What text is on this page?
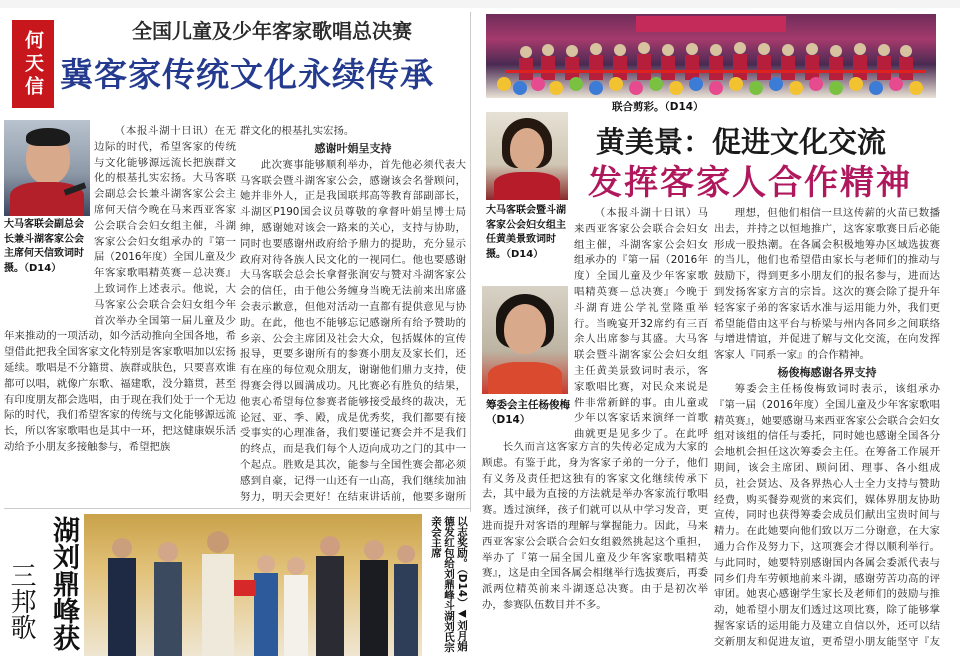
何天信	全国儿童及少年客家歌唱总决赛
冀客家传统文化永续传承
大马客联会副总会长兼斗湖客家公会主席何天信致词时摄。（D14）

（本报斗湖十日讯）在无边际的时代，希望客家的传统与文化能够源远流长把族群文化的根基扎实宏扬。大马客联会副总会长兼斗湖客家公会主席何天信今晚在马来西亚客家公会联合会妇女组主催，斗湖客家公会妇女组承办的『第一届（2016年度）全国儿童及少年客家歌唱精英赛－总决赛』上致词作上述表示。他说，大马客家公会联合会妇女组今年首次举办全国第一届儿童及少

年来推动的一项活动，如今活动推向全国各地，希望借此把我全国客家文化特别是客家歌唱加以宏扬延续。歌唱是不分籍贯、族群或肤色，只要喜欢谁都可以唱，就像广东歌、福建歌，没分籍贯，甚至有印度朋友都会选唱，由于现在我们处于一个无边际的时代，我们希望客家的传统与文化能够源远流长，所以客家歌唱也是其中一环，把这健康娱乐活动给予小朋友多接触参与，希望把族

群文化的根基扎实宏扬。
感谢叶娟呈支持

此次赛事能够顺利举办，首先他必须代表大马客联会暨斗湖客家公会，感谢该会名誉顾问，她并非外人，正是我国联邦高等教育部副部长，斗湖区P190国会议员尊敬的拿督叶娟呈博士局绅，感谢她对该会一路来的关心，支持与协助，同时也要感谢州政府给予鼎力的提助，充分显示政府对待各族人民文化的一视同仁。他也要感谢大马客联会总会长拿督张润安与赞对斗湖客家公会的信任，由于他公务缠身当晚无法前来出席盛会表示歉意，但他对活动一直都有提供意见与协助。在此，他也不能够忘记感谢所有给予赞助的乡亲、公会主席团及社会大众，包括媒体的宣传报导，更要多谢所有的参赛小朋友及家长们，还有在座的每位观众朋友，谢谢他们鼎力支持，使得赛会得以圆满成功。凡比赛必有胜负的结果，他衷心希望每位参赛者能够接受最终的裁决，无论冠、亚、季、殿，成是优秀奖，我们都要有接受事实的心理准备，我们要谨记赛会并不是我们的终点，而是我们每个人迈向成功之门的其中一个起点。胜败是其次，能参与全国性赛会都必须感到自豪，记得一山还有一山高，我们继续加油努力，明天会更好！在结束讲话前，他要多谢所

联合剪彩。（D14）
黄美景：促进文化交流
发挥客家人合作精神
大马客联会暨斗湖客家公会妇女组主任黄美景致词时摄。（D14）
筹委会主任杨俊梅（D14）

（本报斗湖十日讯）马来西亚客家公会联合会妇女组主催，斗湖客家公会妇女组承办的『第一届（2016年度）全国儿童及少年客家歌唱精英赛－总决赛』今晚于斗湖育进公学礼堂隆重举行。当晚宴开32席约有三百余人出席参与其盛。大马客联会暨斗湖客家公会妇女组主任黄美景致词时表示，客家歌唱比赛，对民众来说是件非常新鲜的事。由儿童或少年以客家话来演绎一首歌曲就更是见多少了。在此呼

长久而言这客家方言的失传必定成为大家的顾虑。有鉴于此，身为客家子弟的一分子，他们有义务及责任把这独有的客家文化继续传承下去，其中最为直接的方法就是举办客家流行歌唱赛。透过演绎，孩子们就可以从中学习发音，更进而提升对客语的理解与掌握能力。因此，马来西亚客家公会联合会妇女组毅然挑起这个重担，举办了『第一届全国儿童及少年客家歌唱精英赛』，这是由全国各属会相继举行选拔赛后，再委派两位精英前来斗湖逐总决赛。由于是初次举办，参赛队伍数目并不多。

理想，但他们相信一旦这传薪的火苗已数播出去，并持之以恒地推广，这客家歌赛日后必能形成一股热潮。在各属会积极地筹办区域选拔赛的当儿，他们也希望借由家长与老师们的推动与鼓励下，得到更多小朋友们的报名参与，进而达到发扬客家方言的宗旨。这次的赛会除了提升年轻客家子弟的客家话水准与运用能力外，我们更希望能借由这平台与桥梁与州内各同乡之间联络与增进情谊，并促进了解与文化交流，在向发挥客家人『同系一家』的合作精神。

杨俊梅感谢各界支持

筹委会主任杨俊梅致词时表示，该组承办『第一届（2016年度）全国儿童及少年客家歌唱精英赛』，她要感谢马来西亚客家公会联合会妇女组对该组的信任与委托，同时她也感谢全国各分会地机会担任这次筹委会主任。在筹备工作展开期间，该会主席团、顾问团、理事、各小组成员，社会贤达、及各界热心人士全力支持与赞助经费，购买餐券观赏的来宾们，媒体界朋友协助宣传，同时也获得筹委会成员们献出宝贵时间与精力。在此她要向他们致以万二分谢意，在大家通力合作及努力下，这项赛会才得以顺利举行。与此同时，她要特别感谢国内各属会委派代表与同乡们舟车劳顿地前来斗湖，感谢劳苦功高的评审团。她衷心感谢学生家长及老师们的鼓励与推动，她希望小朋友们透过这项比赛，除了能够掌握客家话的运用能力及建立自信以外，还可以结交新朋友和促进友谊，更希望小朋友能坚守『友

湖刘鼎峰获
三邦歌	以志奖励。（D14）◀刘月娟德发红包给刘鼎峰斗湖刘氏宗亲会主席
